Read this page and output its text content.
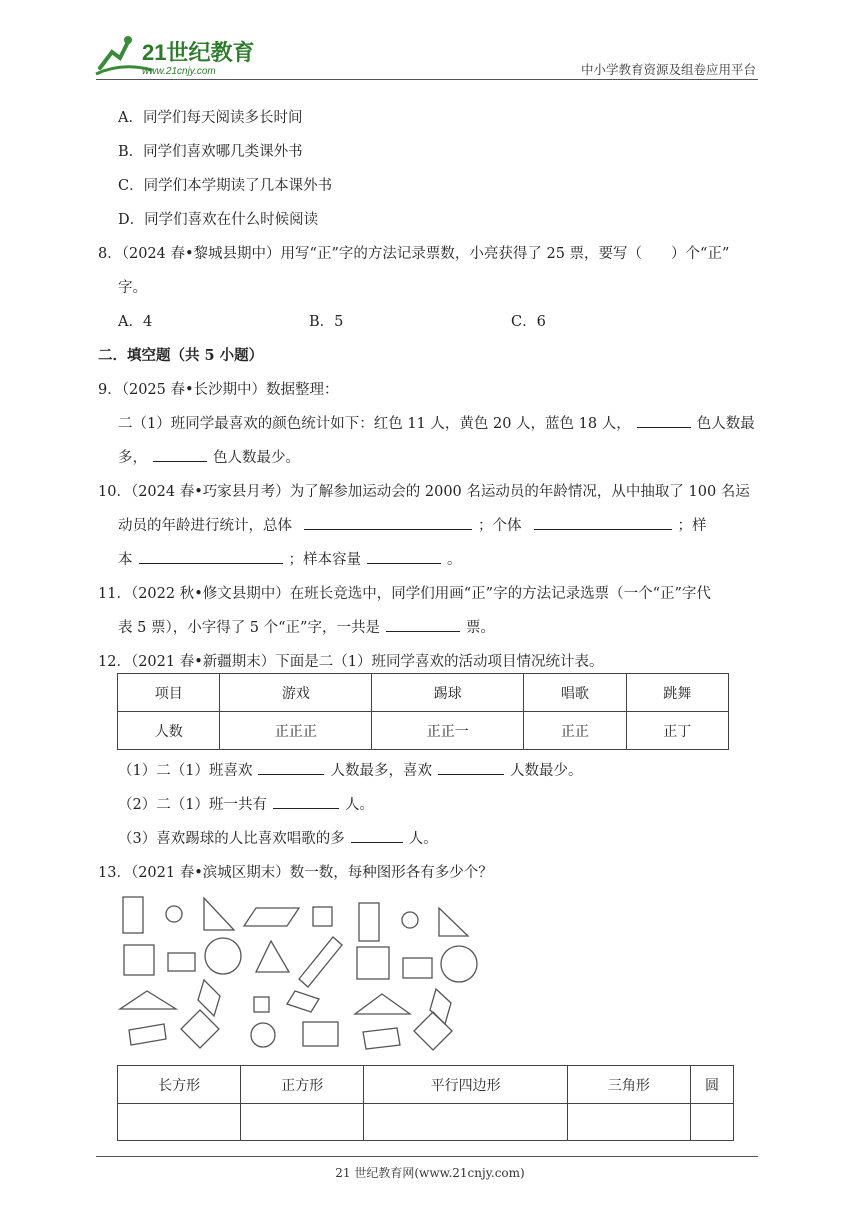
21世纪教育
www.21cnjy.com	中小学教育资源及组卷应用平台
A．同学们每天阅读多长时间
B．同学们喜欢哪几类课外书
C．同学们本学期读了几本课外书
D．同学们喜欢在什么时候阅读
8．（2024 春•黎城县期中）用写“正”字的方法记录票数，小亮获得了 25 票，要写（　　）个“正”
字。
A．4	B．5	C．6
二．填空题（共 5 小题）
9．（2025 春•长沙期中）数据整理：
二（1）班同学最喜欢的颜色统计如下：红色 11 人，黄色 20 人，蓝色 18 人，	色人数最
多，	色人数最少。
10．（2024 春•巧家县月考）为了解参加运动会的 2000 名运动员的年龄情况，从中抽取了 100 名运
动员的年龄进行统计，总体	；个体	；样
本	；样本容量	。
11．（2022 秋•修文县期中）在班长竞选中，同学们用画“正”字的方法记录选票（一个“正”字代
表 5 票），小字得了 5 个“正”字，一共是	票。
12．（2021 春•新疆期末）下面是二（1）班同学喜欢的活动项目情况统计表。
项目	游戏	踢球	唱歌	跳舞
人数	正正正	正正一	正正	正丁
（1）二（1）班喜欢	人数最多，喜欢	人数最少。
（2）二（1）班一共有	人。
（3）喜欢踢球的人比喜欢唱歌的多	人。
13．（2021 春•滨城区期末）数一数，每种图形各有多少个？
长方形	正方形	平行四边形	三角形	圆

21 世纪教育网(www.21cnjy.com)
